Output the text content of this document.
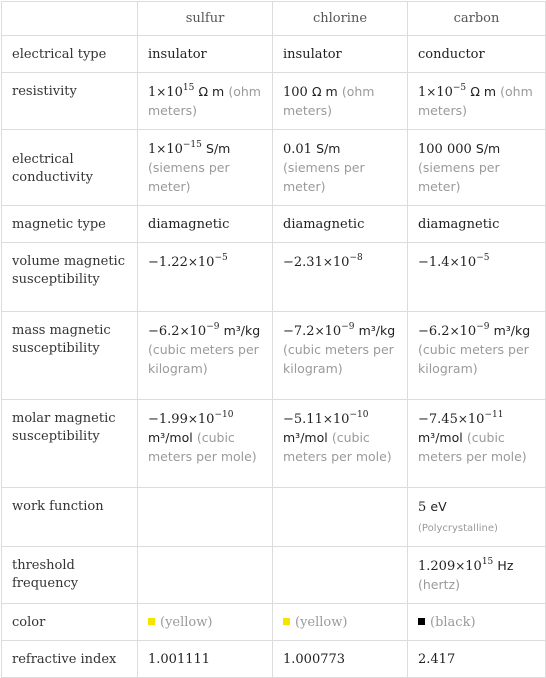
	sulfur	chlorine	carbon
electrical type	insulator	insulator	conductor
resistivity	$1\times 10^{15}$ Ω m (ohm meters)	100 Ω m (ohm meters)	$1\times 10^{-5}$ Ω m (ohm meters)
electrical conductivity	$1\times 10^{-15}$ S/m (siemens per meter)	0.01 S/m (siemens per meter)	100 000 S/m (siemens per meter)
magnetic type	diamagnetic	diamagnetic	diamagnetic
volume magnetic susceptibility	$-1.22\times 10^{-5}$	$-2.31\times 10^{-8}$	$-1.4\times 10^{-5}$
mass magnetic susceptibility	$-6.2\times 10^{-9}$ m³/kg (cubic meters per kilogram)	$-7.2\times 10^{-9}$ m³/kg (cubic meters per kilogram)	$-6.2\times 10^{-9}$ m³/kg (cubic meters per kilogram)
molar magnetic susceptibility	$-1.99\times 10^{-10}$ m³/mol (cubic meters per mole)	$-5.11\times 10^{-10}$ m³/mol (cubic meters per mole)	$-7.45\times 10^{-11}$ m³/mol (cubic meters per mole)
work function			5 eV
(Polycrystalline)

threshold frequency			$1.209\times 10^{15}$ Hz (hertz)
color	(yellow)	(yellow)	(black)
refractive index	1.001111	1.000773	2.417
